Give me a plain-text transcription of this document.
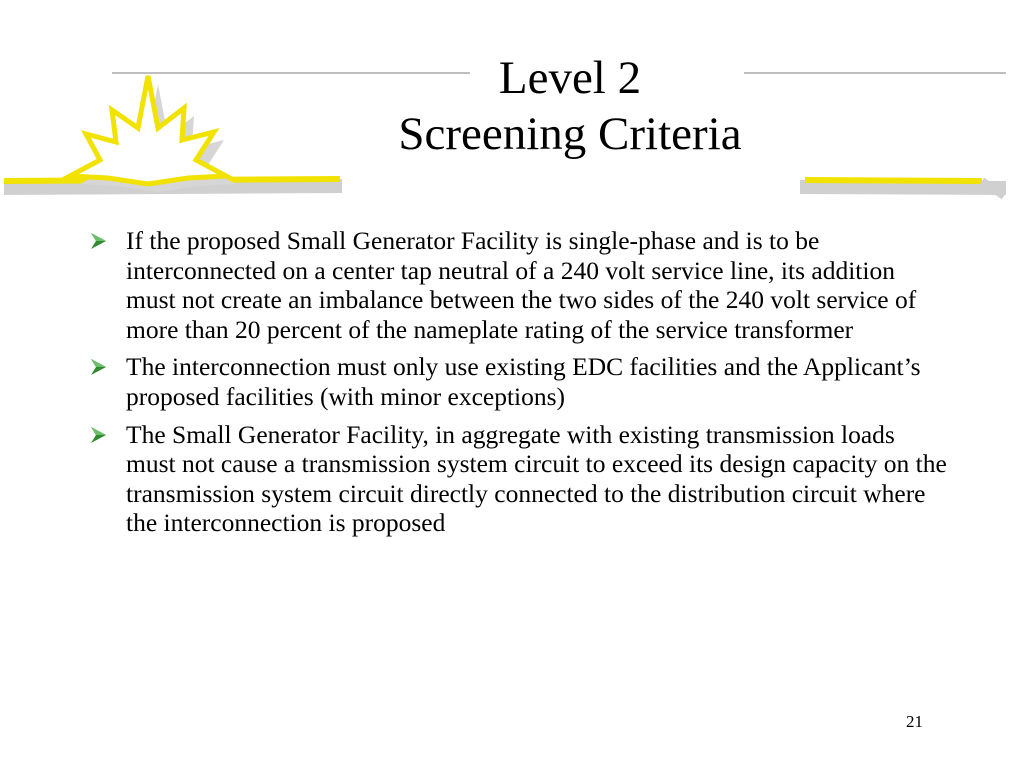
Level 2
Screening Criteria
If the proposed Small Generator Facility is single-phase and is to be interconnected on a center tap neutral of a 240 volt service line, its addition must not create an imbalance between the two sides of the 240 volt service of more than 20 percent of the nameplate rating of the service transformer
The interconnection must only use existing EDC facilities and the Applicant’s proposed facilities (with minor exceptions)
The Small Generator Facility, in aggregate with existing transmission loads must not cause a transmission system circuit to exceed its design capacity on the transmission system circuit directly connected to the distribution circuit where the interconnection is proposed
21
